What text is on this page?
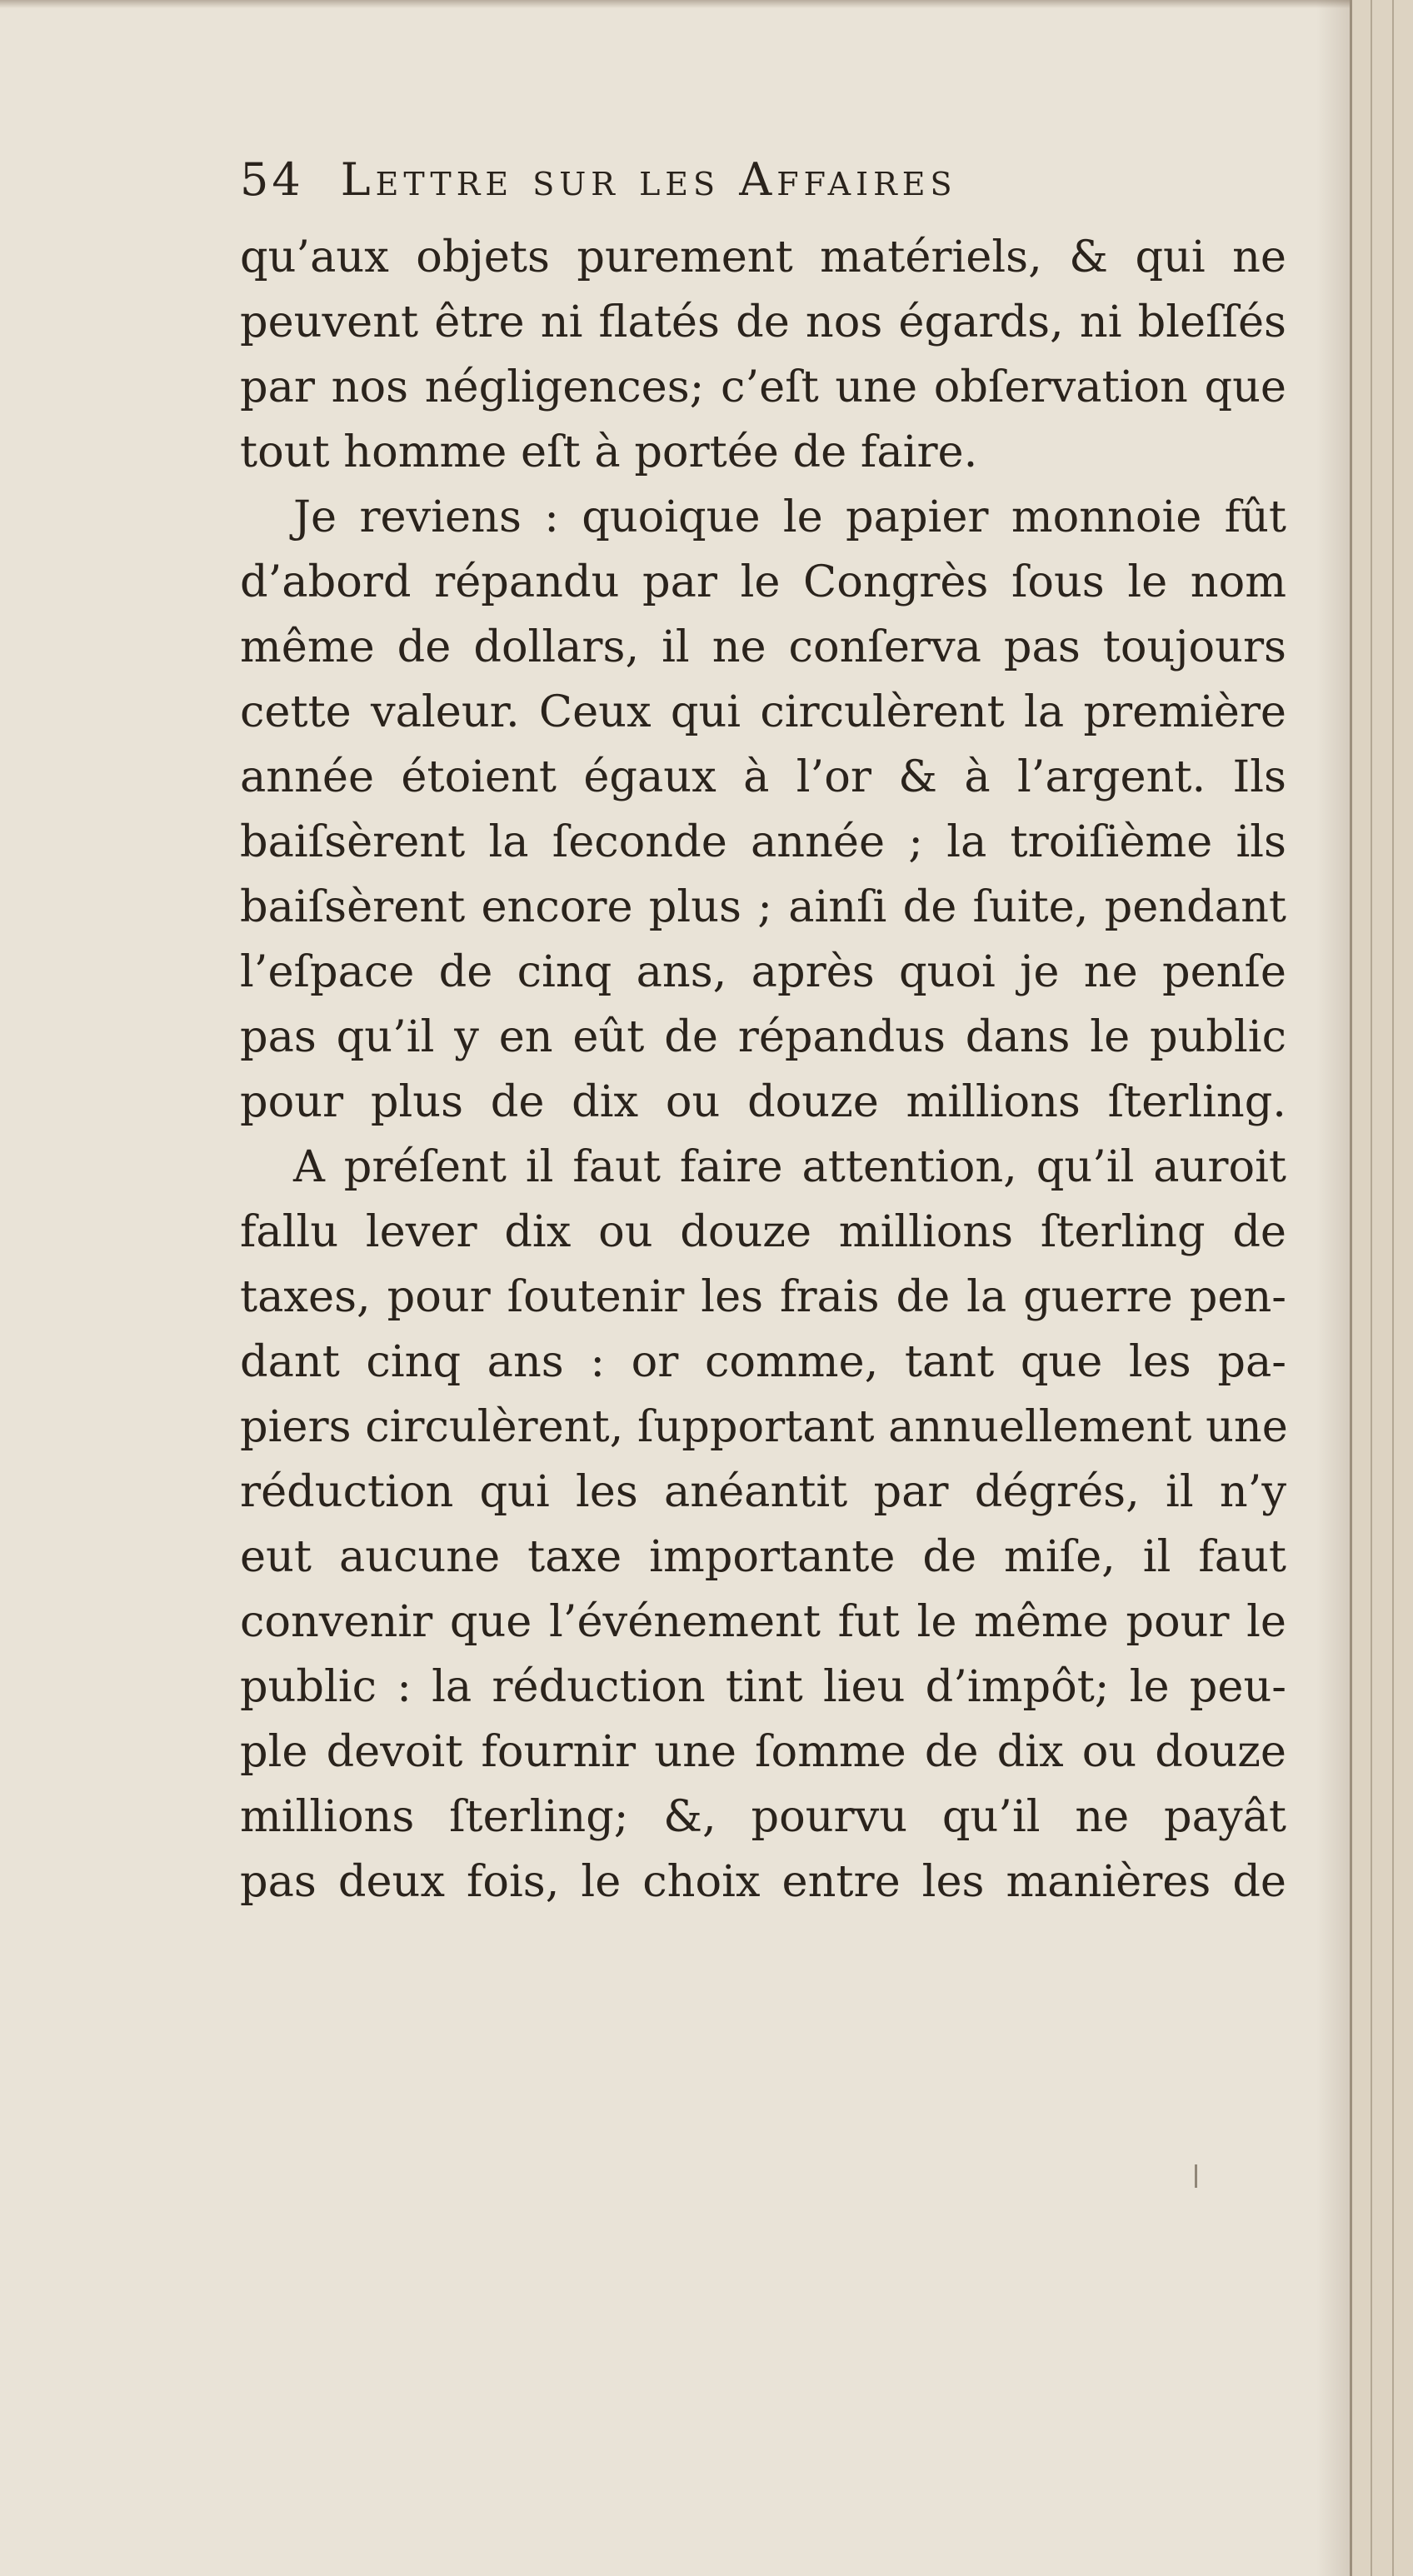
54 Lettre sur les Affaires
qu’aux objets purement matériels, & qui ne
peuvent être ni flatés de nos égards, ni bleſſés
par nos négligences; c’eſt une obſervation que
tout homme eſt à portée de faire.
Je reviens : quoique le papier monnoie fût
d’abord répandu par le Congrès ſous le nom
même de dollars, il ne conſerva pas toujours
cette valeur. Ceux qui circulèrent la première
année étoient égaux à l’or & à l’argent. Ils
baiſsèrent la ſeconde année ; la troiſième ils
baiſsèrent encore plus ; ainſi de ſuite, pendant
l’eſpace de cinq ans, après quoi je ne penſe
pas qu’il y en eût de répandus dans le public
pour plus de dix ou douze millions ſterling.
A préſent il faut faire attention, qu’il auroit
fallu lever dix ou douze millions ſterling de
taxes, pour ſoutenir les frais de la guerre pen-
dant cinq ans : or comme, tant que les pa-
piers circulèrent, ſupportant annuellement une
réduction qui les anéantit par dégrés, il n’y
eut aucune taxe importante de miſe, il faut
convenir que l’événement fut le même pour le
public : la réduction tint lieu d’impôt; le peu-
ple devoit fournir une ſomme de dix ou douze
millions ſterling; &, pourvu qu’il ne payât
pas deux fois, le choix entre les manières de
